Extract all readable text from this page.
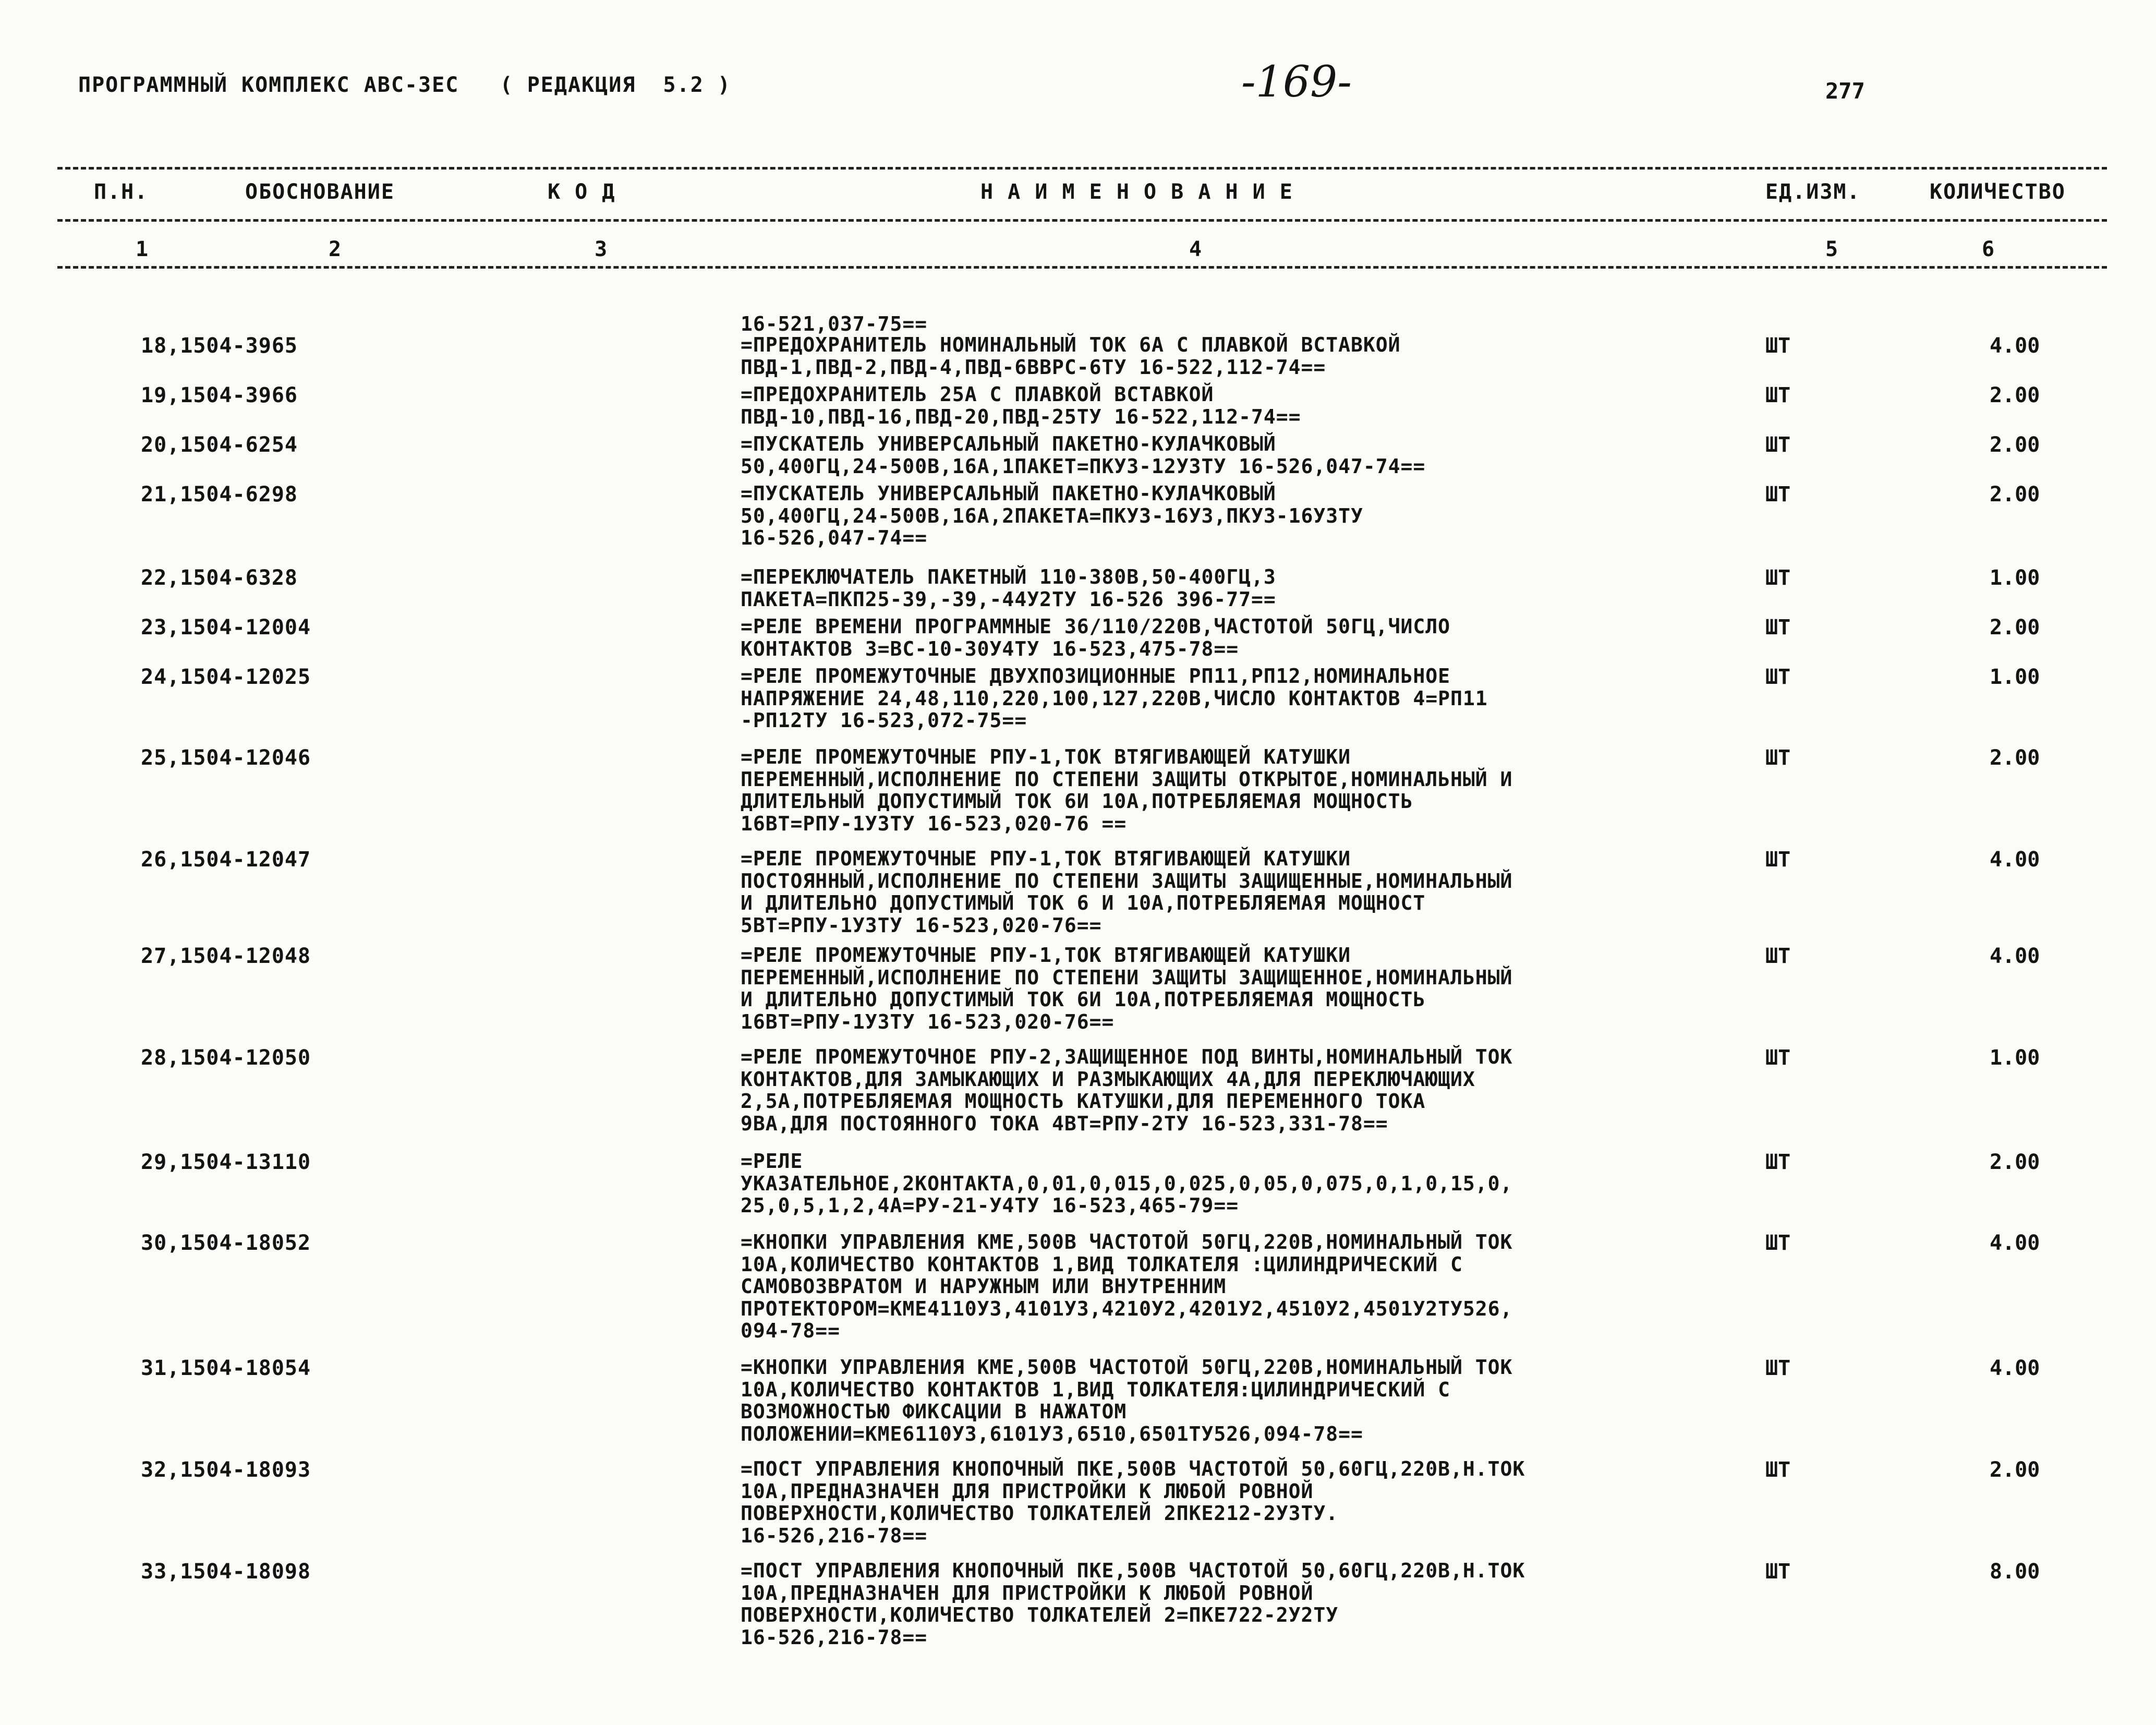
ПРОГРАММНЫЙ КОМПЛЕКС АВС-3ЕС   ( РЕДАКЦИЯ  5.2 )	-169-	277
П.Н.	ОБОСНОВАНИЕ	К О Д	Н А И М Е Н О В А Н И Е	ЕД.ИЗМ.	КОЛИЧЕСТВО
1	2	3	4	5	6
16-521,037-75==
18,1504-3965	=ПРЕДОХРАНИТЕЛЬ НОМИНАЛЬНЫЙ ТОК 6А С ПЛАВКОЙ ВСТАВКОЙ
ПВД-1,ПВД-2,ПВД-4,ПВД-6ВВРС-6ТУ 16-522,112-74==
ШТ	4.00
19,1504-3966	=ПРЕДОХРАНИТЕЛЬ 25А С ПЛАВКОЙ ВСТАВКОЙ
ПВД-10,ПВД-16,ПВД-20,ПВД-25ТУ 16-522,112-74==
ШТ	2.00
20,1504-6254	=ПУСКАТЕЛЬ УНИВЕРСАЛЬНЫЙ ПАКЕТНО-КУЛАЧКОВЫЙ
50,400ГЦ,24-500В,16А,1ПАКЕТ=ПКУ3-12У3ТУ 16-526,047-74==
ШТ	2.00
21,1504-6298	=ПУСКАТЕЛЬ УНИВЕРСАЛЬНЫЙ ПАКЕТНО-КУЛАЧКОВЫЙ
50,400ГЦ,24-500В,16А,2ПАКЕТА=ПКУ3-16У3,ПКУ3-16У3ТУ
16-526,047-74==
ШТ	2.00
22,1504-6328	=ПЕРЕКЛЮЧАТЕЛЬ ПАКЕТНЫЙ 110-380В,50-400ГЦ,3
ПАКЕТА=ПКП25-39,-39,-44У2ТУ 16-526 396-77==
ШТ	1.00
23,1504-12004	=РЕЛЕ ВРЕМЕНИ ПРОГРАММНЫЕ 36/110/220В,ЧАСТОТОЙ 50ГЦ,ЧИСЛО
КОНТАКТОВ 3=ВС-10-30У4ТУ 16-523,475-78==
ШТ	2.00
24,1504-12025	=РЕЛЕ ПРОМЕЖУТОЧНЫЕ ДВУХПОЗИЦИОННЫЕ РП11,РП12,НОМИНАЛЬНОЕ
НАПРЯЖЕНИЕ 24,48,110,220,100,127,220В,ЧИСЛО КОНТАКТОВ 4=РП11
-РП12ТУ 16-523,072-75==
ШТ	1.00
25,1504-12046	=РЕЛЕ ПРОМЕЖУТОЧНЫЕ РПУ-1,ТОК ВТЯГИВАЮЩЕЙ КАТУШКИ
ПЕРЕМЕННЫЙ,ИСПОЛНЕНИЕ ПО СТЕПЕНИ ЗАЩИТЫ ОТКРЫТОЕ,НОМИНАЛЬНЫЙ И
ДЛИТЕЛЬНЫЙ ДОПУСТИМЫЙ ТОК 6И 10А,ПОТРЕБЛЯЕМАЯ МОЩНОСТЬ
16ВТ=РПУ-1У3ТУ 16-523,020-76 ==
ШТ	2.00
26,1504-12047	=РЕЛЕ ПРОМЕЖУТОЧНЫЕ РПУ-1,ТОК ВТЯГИВАЮЩЕЙ КАТУШКИ
ПОСТОЯННЫЙ,ИСПОЛНЕНИЕ ПО СТЕПЕНИ ЗАЩИТЫ ЗАЩИЩЕННЫЕ,НОМИНАЛЬНЫЙ
И ДЛИТЕЛЬНО ДОПУСТИМЫЙ ТОК 6 И 10А,ПОТРЕБЛЯЕМАЯ МОЩНОСТ
5ВТ=РПУ-1У3ТУ 16-523,020-76==
ШТ	4.00
27,1504-12048	=РЕЛЕ ПРОМЕЖУТОЧНЫЕ РПУ-1,ТОК ВТЯГИВАЮЩЕЙ КАТУШКИ
ПЕРЕМЕННЫЙ,ИСПОЛНЕНИЕ ПО СТЕПЕНИ ЗАЩИТЫ ЗАЩИЩЕННОЕ,НОМИНАЛЬНЫЙ
И ДЛИТЕЛЬНО ДОПУСТИМЫЙ ТОК 6И 10А,ПОТРЕБЛЯЕМАЯ МОЩНОСТЬ
16ВТ=РПУ-1У3ТУ 16-523,020-76==
ШТ	4.00
28,1504-12050	=РЕЛЕ ПРОМЕЖУТОЧНОЕ РПУ-2,ЗАЩИЩЕННОЕ ПОД ВИНТЫ,НОМИНАЛЬНЫЙ ТОК
КОНТАКТОВ,ДЛЯ ЗАМЫКАЮЩИХ И РАЗМЫКАЮЩИХ 4А,ДЛЯ ПЕРЕКЛЮЧАЮЩИХ
2,5А,ПОТРЕБЛЯЕМАЯ МОЩНОСТЬ КАТУШКИ,ДЛЯ ПЕРЕМЕННОГО ТОКА
9ВА,ДЛЯ ПОСТОЯННОГО ТОКА 4ВТ=РПУ-2ТУ 16-523,331-78==
ШТ	1.00
29,1504-13110	=РЕЛЕ
УКАЗАТЕЛЬНОЕ,2КОНТАКТА,0,01,0,015,0,025,0,05,0,075,0,1,0,15,0,
25,0,5,1,2,4А=РУ-21-У4ТУ 16-523,465-79==
ШТ	2.00
30,1504-18052	=КНОПКИ УПРАВЛЕНИЯ КМЕ,500В ЧАСТОТОЙ 50ГЦ,220В,НОМИНАЛЬНЫЙ ТОК
10А,КОЛИЧЕСТВО КОНТАКТОВ 1,ВИД ТОЛКАТЕЛЯ :ЦИЛИНДРИЧЕСКИЙ С
САМОВОЗВРАТОМ И НАРУЖНЫМ ИЛИ ВНУТРЕННИМ
ПРОТЕКТОРОМ=КМЕ4110У3,4101У3,4210У2,4201У2,4510У2,4501У2ТУ526,
094-78==
ШТ	4.00
31,1504-18054	=КНОПКИ УПРАВЛЕНИЯ КМЕ,500В ЧАСТОТОЙ 50ГЦ,220В,НОМИНАЛЬНЫЙ ТОК
10А,КОЛИЧЕСТВО КОНТАКТОВ 1,ВИД ТОЛКАТЕЛЯ:ЦИЛИНДРИЧЕСКИЙ С
ВОЗМОЖНОСТЬЮ ФИКСАЦИИ В НАЖАТОМ
ПОЛОЖЕНИИ=КМЕ6110У3,6101У3,6510,6501ТУ526,094-78==
ШТ	4.00
32,1504-18093	=ПОСТ УПРАВЛЕНИЯ КНОПОЧНЫЙ ПКЕ,500В ЧАСТОТОЙ 50,60ГЦ,220В,Н.ТОК
10А,ПРЕДНАЗНАЧЕН ДЛЯ ПРИСТРОЙКИ К ЛЮБОЙ РОВНОЙ
ПОВЕРХНОСТИ,КОЛИЧЕСТВО ТОЛКАТЕЛЕЙ 2ПКЕ212-2У3ТУ.
16-526,216-78==
ШТ	2.00
33,1504-18098	=ПОСТ УПРАВЛЕНИЯ КНОПОЧНЫЙ ПКЕ,500В ЧАСТОТОЙ 50,60ГЦ,220В,Н.ТОК
10А,ПРЕДНАЗНАЧЕН ДЛЯ ПРИСТРОЙКИ К ЛЮБОЙ РОВНОЙ
ПОВЕРХНОСТИ,КОЛИЧЕСТВО ТОЛКАТЕЛЕЙ 2=ПКЕ722-2У2ТУ
16-526,216-78==
ШТ	8.00
